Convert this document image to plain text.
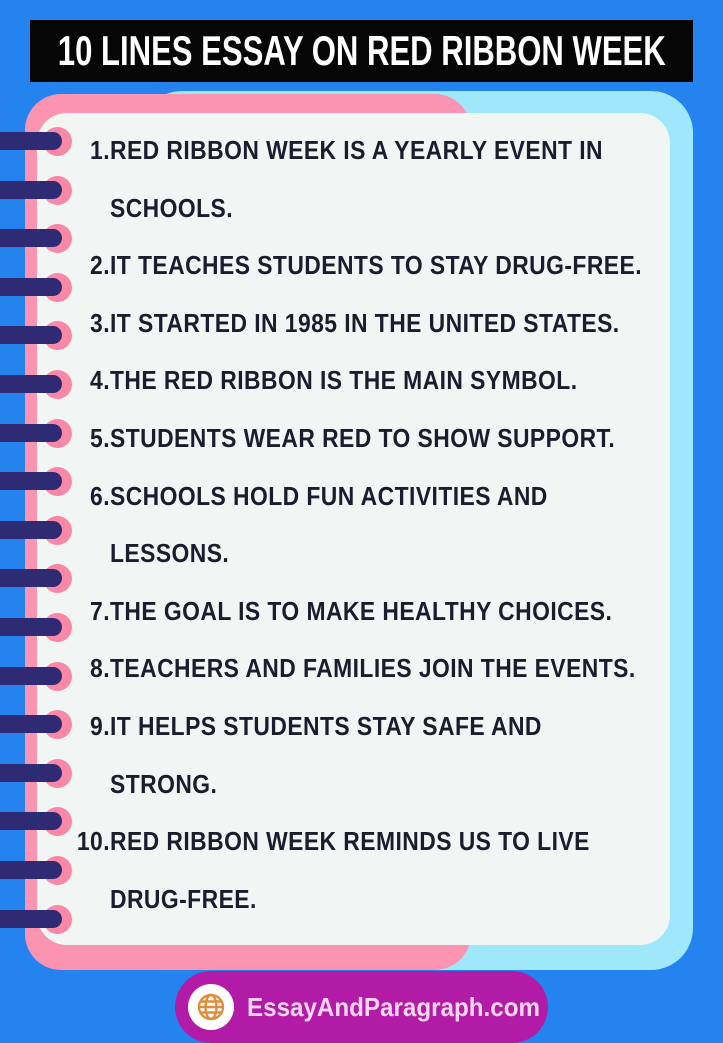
10 LINES ESSAY ON RED RIBBON WEEK
1. RED RIBBON WEEK IS A YEARLY EVENT IN
SCHOOLS.
2. IT TEACHES STUDENTS TO STAY DRUG-FREE.
3. IT STARTED IN 1985 IN THE UNITED STATES.
4. THE RED RIBBON IS THE MAIN SYMBOL.
5. STUDENTS WEAR RED TO SHOW SUPPORT.
6. SCHOOLS HOLD FUN ACTIVITIES AND
LESSONS.
7. THE GOAL IS TO MAKE HEALTHY CHOICES.
8. TEACHERS AND FAMILIES JOIN THE EVENTS.
9. IT HELPS STUDENTS STAY SAFE AND
STRONG.
10. RED RIBBON WEEK REMINDS US TO LIVE
DRUG-FREE.
EssayAndParagraph.com
